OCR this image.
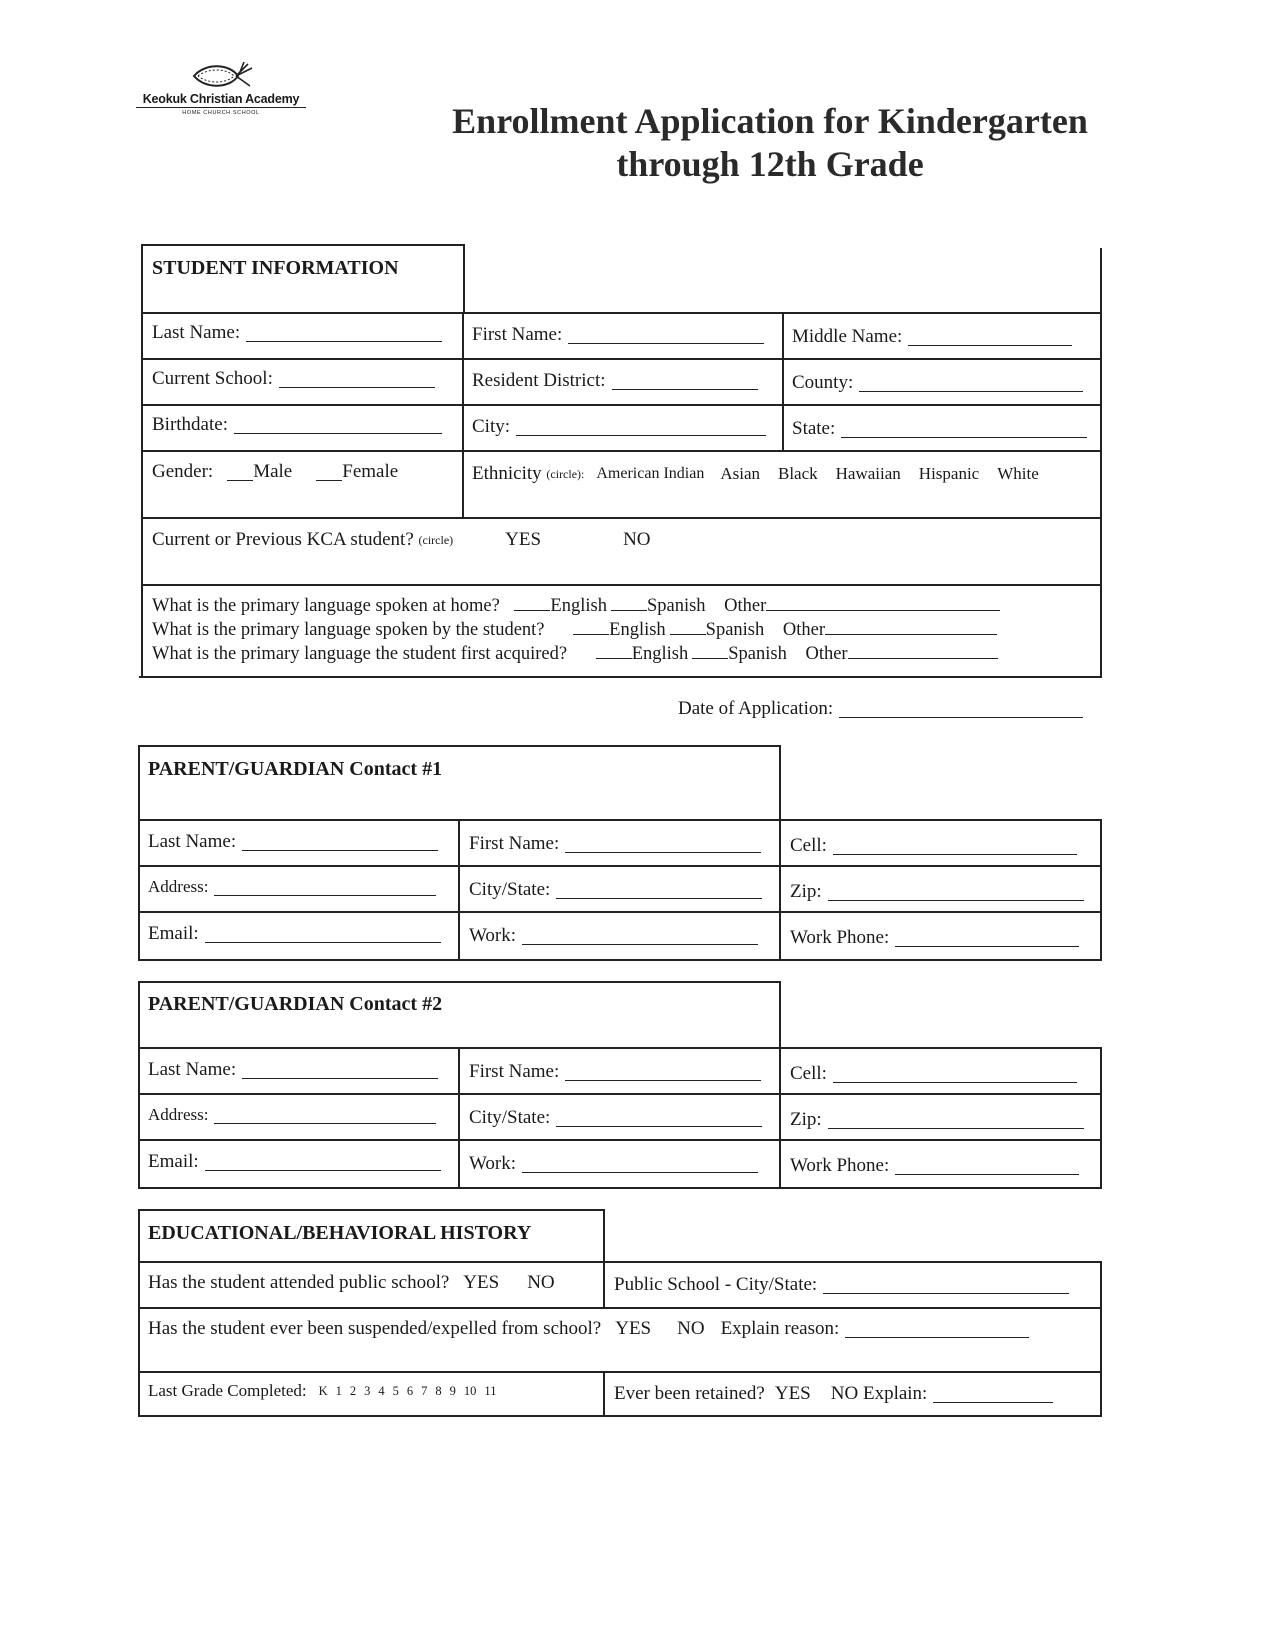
Keokuk Christian Academy
HOME CHURCH SCHOOL	Enrollment Application for Kindergarten
through 12th Grade
STUDENT INFORMATION
Last Name:	First Name:	Middle Name:
Current School:	Resident District:	County:
Birthdate:	City:	State:
Gender: Male	Female	Ethnicity
(circle): American Indian Asian Black Hawaiian Hispanic White
Current or Previous KCA student?
(circle)	YES	NO
What is the primary language spoken at home?	English Spanish Other
What is the primary language spoken by the student?	English Spanish Other
What is the primary language the student first acquired?	English Spanish Other
Date of Application:
PARENT/GUARDIAN Contact #1
Last Name:	First Name:	Cell:
Address:	City/State:	Zip:
Email:	Work:	Work Phone:
PARENT/GUARDIAN Contact #2
Last Name:	First Name:	Cell:
Address:	City/State:	Zip:
Email:	Work:	Work Phone:
EDUCATIONAL/BEHAVIORAL HISTORY
Has the student attended public school? YES NO	Public School - City/State:
Has the student ever been suspended/expelled from school? YES NO Explain reason:
Last Grade Completed: K 1 2 3 4 5 6 7 8 9 10 11	Ever been retained? YES NO Explain:
